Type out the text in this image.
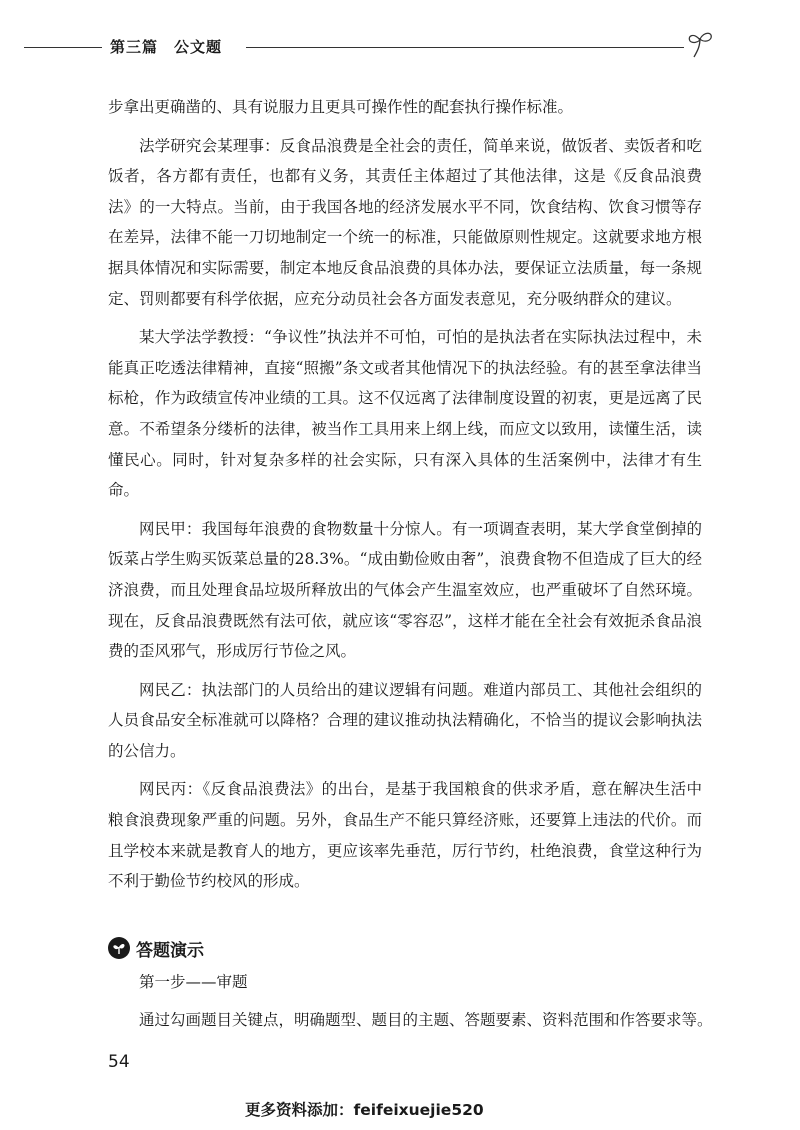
第三篇　公文题

步拿出更确凿的、具有说服力且更具可操作性的配套执行操作标准。

法学研究会某理事：反食品浪费是全社会的责任，简单来说，做饭者、卖饭者和吃饭者，各方都有责任，也都有义务，其责任主体超过了其他法律，这是《反食品浪费法》的一大特点。当前，由于我国各地的经济发展水平不同，饮食结构、饮食习惯等存在差异，法律不能一刀切地制定一个统一的标准，只能做原则性规定。这就要求地方根据具体情况和实际需要，制定本地反食品浪费的具体办法，要保证立法质量，每一条规定、罚则都要有科学依据，应充分动员社会各方面发表意见，充分吸纳群众的建议。

某大学法学教授：“争议性”执法并不可怕，可怕的是执法者在实际执法过程中，未能真正吃透法律精神，直接“照搬”条文或者其他情况下的执法经验。有的甚至拿法律当标枪，作为政绩宣传冲业绩的工具。这不仅远离了法律制度设置的初衷，更是远离了民意。不希望条分缕析的法律，被当作工具用来上纲上线，而应文以致用，读懂生活，读懂民心。同时，针对复杂多样的社会实际，只有深入具体的生活案例中，法律才有生命。

网民甲：我国每年浪费的食物数量十分惊人。有一项调查表明，某大学食堂倒掉的饭菜占学生购买饭菜总量的28.3%。“成由勤俭败由奢”，浪费食物不但造成了巨大的经济浪费，而且处理食品垃圾所释放出的气体会产生温室效应，也严重破坏了自然环境。现在，反食品浪费既然有法可依，就应该“零容忍”，这样才能在全社会有效扼杀食品浪费的歪风邪气，形成厉行节俭之风。

网民乙：执法部门的人员给出的建议逻辑有问题。难道内部员工、其他社会组织的人员食品安全标准就可以降格？合理的建议推动执法精确化，不恰当的提议会影响执法的公信力。

网民丙：《反食品浪费法》的出台，是基于我国粮食的供求矛盾，意在解决生活中粮食浪费现象严重的问题。另外，食品生产不能只算经济账，还要算上违法的代价。而且学校本来就是教育人的地方，更应该率先垂范，厉行节约，杜绝浪费，食堂这种行为不利于勤俭节约校风的形成。

答题演示
第一步——审题
通过勾画题目关键点，明确题型、题目的主题、答题要素、资料范围和作答要求等。
54
更多资料添加：feifeixuejie520
